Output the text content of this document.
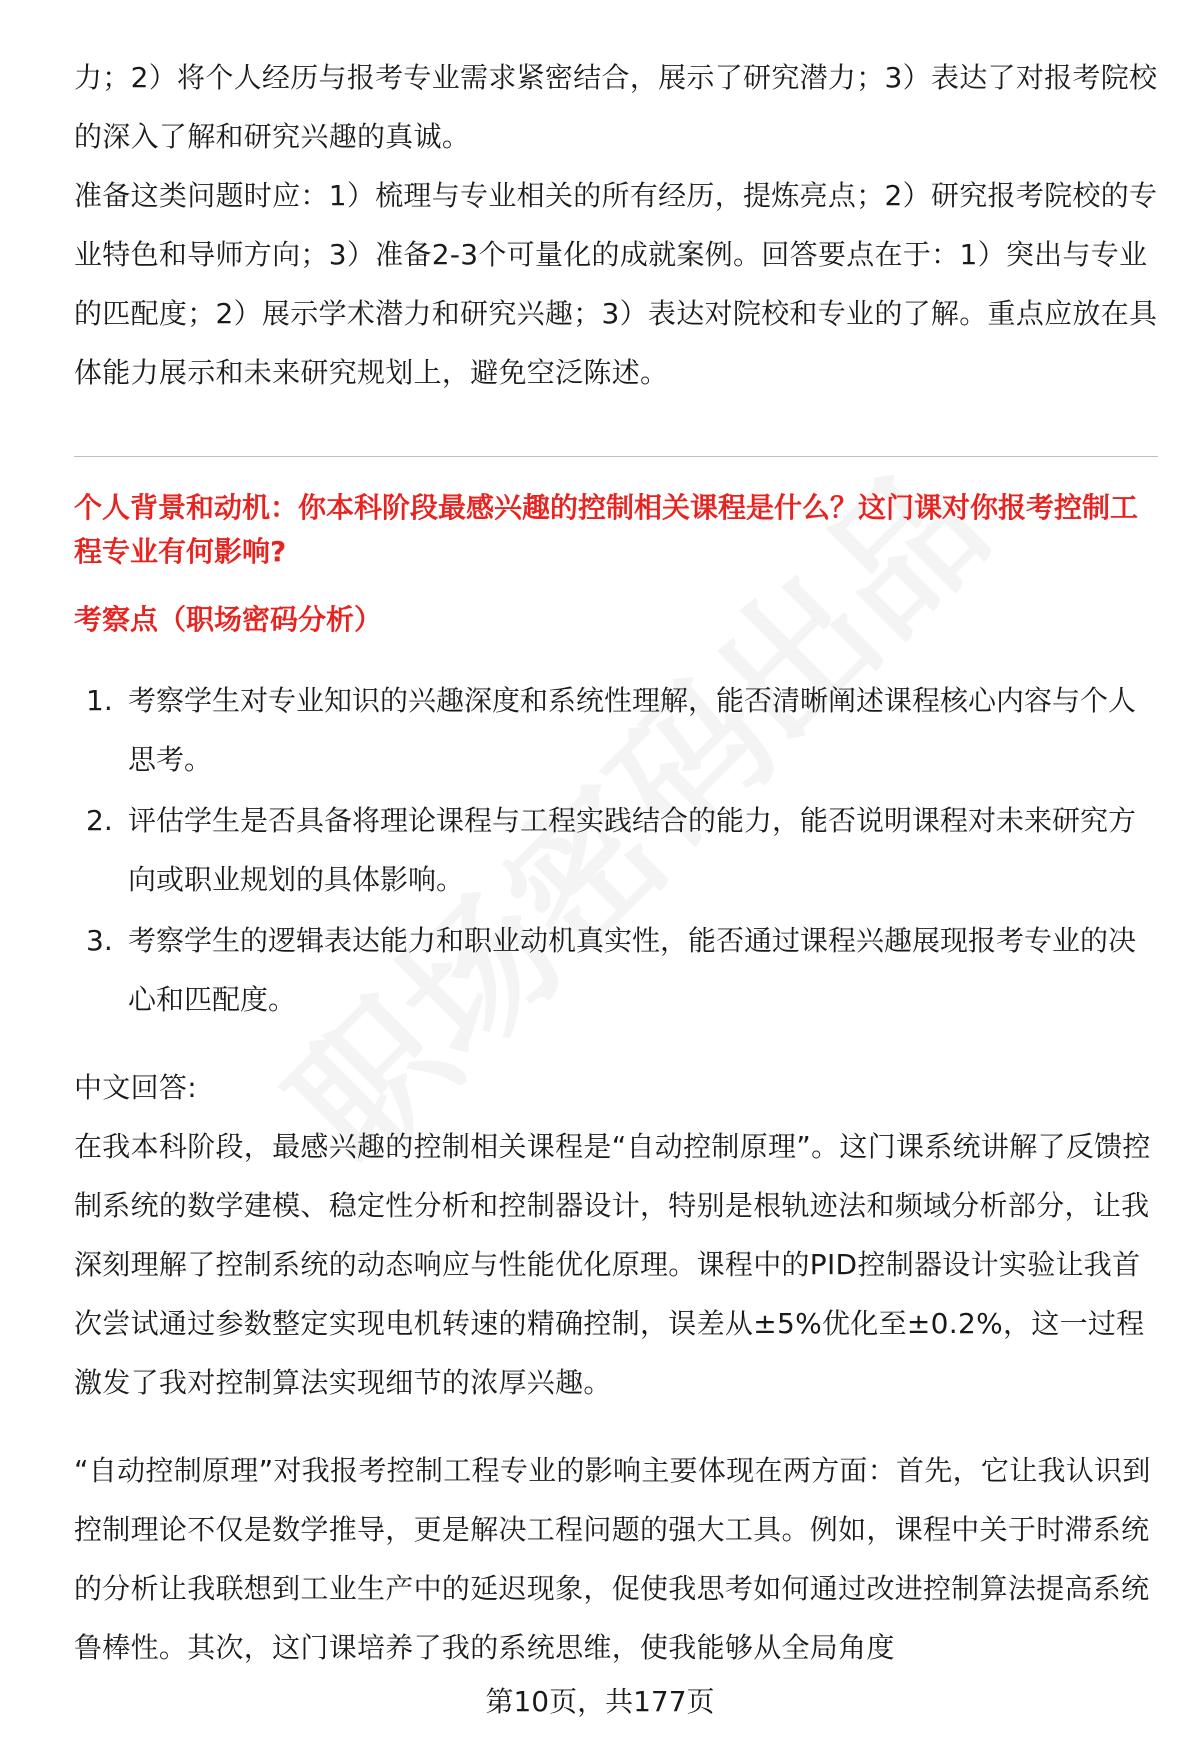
力；2）将个人经历与报考专业需求紧密结合，展示了研究潜力；3）表达了对报考院校的深入了解和研究兴趣的真诚。

准备这类问题时应：1）梳理与专业相关的所有经历，提炼亮点；2）研究报考院校的专业特色和导师方向；3）准备2-3个可量化的成就案例。回答要点在于：1）突出与专业的匹配度；2）展示学术潜力和研究兴趣；3）表达对院校和专业的了解。重点应放在具体能力展示和未来研究规划上，避免空泛陈述。

个人背景和动机：你本科阶段最感兴趣的控制相关课程是什么？这门课对你报考控制工程专业有何影响?

考察点（职场密码分析）

1. 考察学生对专业知识的兴趣深度和系统性理解，能否清晰阐述课程核心内容与个人思考。
2. 评估学生是否具备将理论课程与工程实践结合的能力，能否说明课程对未来研究方向或职业规划的具体影响。
3. 考察学生的逻辑表达能力和职业动机真实性，能否通过课程兴趣展现报考专业的决心和匹配度。

中文回答:

在我本科阶段，最感兴趣的控制相关课程是“自动控制原理”。这门课系统讲解了反馈控制系统的数学建模、稳定性分析和控制器设计，特别是根轨迹法和频域分析部分，让我深刻理解了控制系统的动态响应与性能优化原理。课程中的PID控制器设计实验让我首次尝试通过参数整定实现电机转速的精确控制，误差从±5%优化至±0.2%，这一过程激发了我对控制算法实现细节的浓厚兴趣。

“自动控制原理”对我报考控制工程专业的影响主要体现在两方面：首先，它让我认识到控制理论不仅是数学推导，更是解决工程问题的强大工具。例如，课程中关于时滞系统的分析让我联想到工业生产中的延迟现象，促使我思考如何通过改进控制算法提高系统鲁棒性。其次，这门课培养了我的系统思维，使我能够从全局角度

第10页，共177页
